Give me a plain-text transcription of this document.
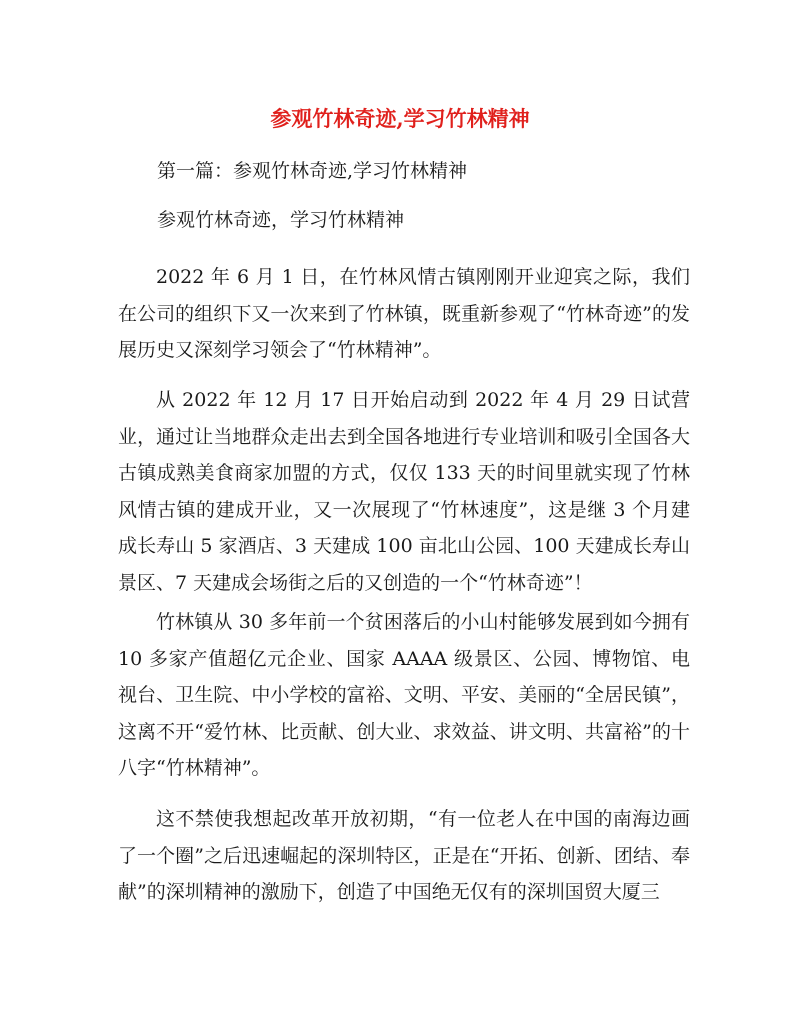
参观竹林奇迹,学习竹林精神

第一篇：参观竹林奇迹,学习竹林精神

参观竹林奇迹，学习竹林精神

2022 年 6 月 1 日，在竹林风情古镇刚刚开业迎宾之际，我们在公司的组织下又一次来到了竹林镇，既重新参观了“竹林奇迹”的发展历史又深刻学习领会了“竹林精神”。

从 2022 年 12 月 17 日开始启动到 2022 年 4 月 29 日试营业，通过让当地群众走出去到全国各地进行专业培训和吸引全国各大古镇成熟美食商家加盟的方式，仅仅 133 天的时间里就实现了竹林风情古镇的建成开业，又一次展现了“竹林速度”，这是继 3 个月建成长寿山 5 家酒店、3 天建成 100 亩北山公园、100 天建成长寿山景区、7 天建成会场街之后的又创造的一个“竹林奇迹”！

竹林镇从 30 多年前一个贫困落后的小山村能够发展到如今拥有 10 多家产值超亿元企业、国家 AAAA 级景区、公园、博物馆、电视台、卫生院、中小学校的富裕、文明、平安、美丽的“全居民镇”，这离不开“爱竹林、比贡献、创大业、求效益、讲文明、共富裕”的十八字“竹林精神”。

这不禁使我想起改革开放初期，“有一位老人在中国的南海边画了一个圈”之后迅速崛起的深圳特区，正是在“开拓、创新、团结、奉献”的深圳精神的激励下，创造了中国绝无仅有的深圳国贸大厦三
